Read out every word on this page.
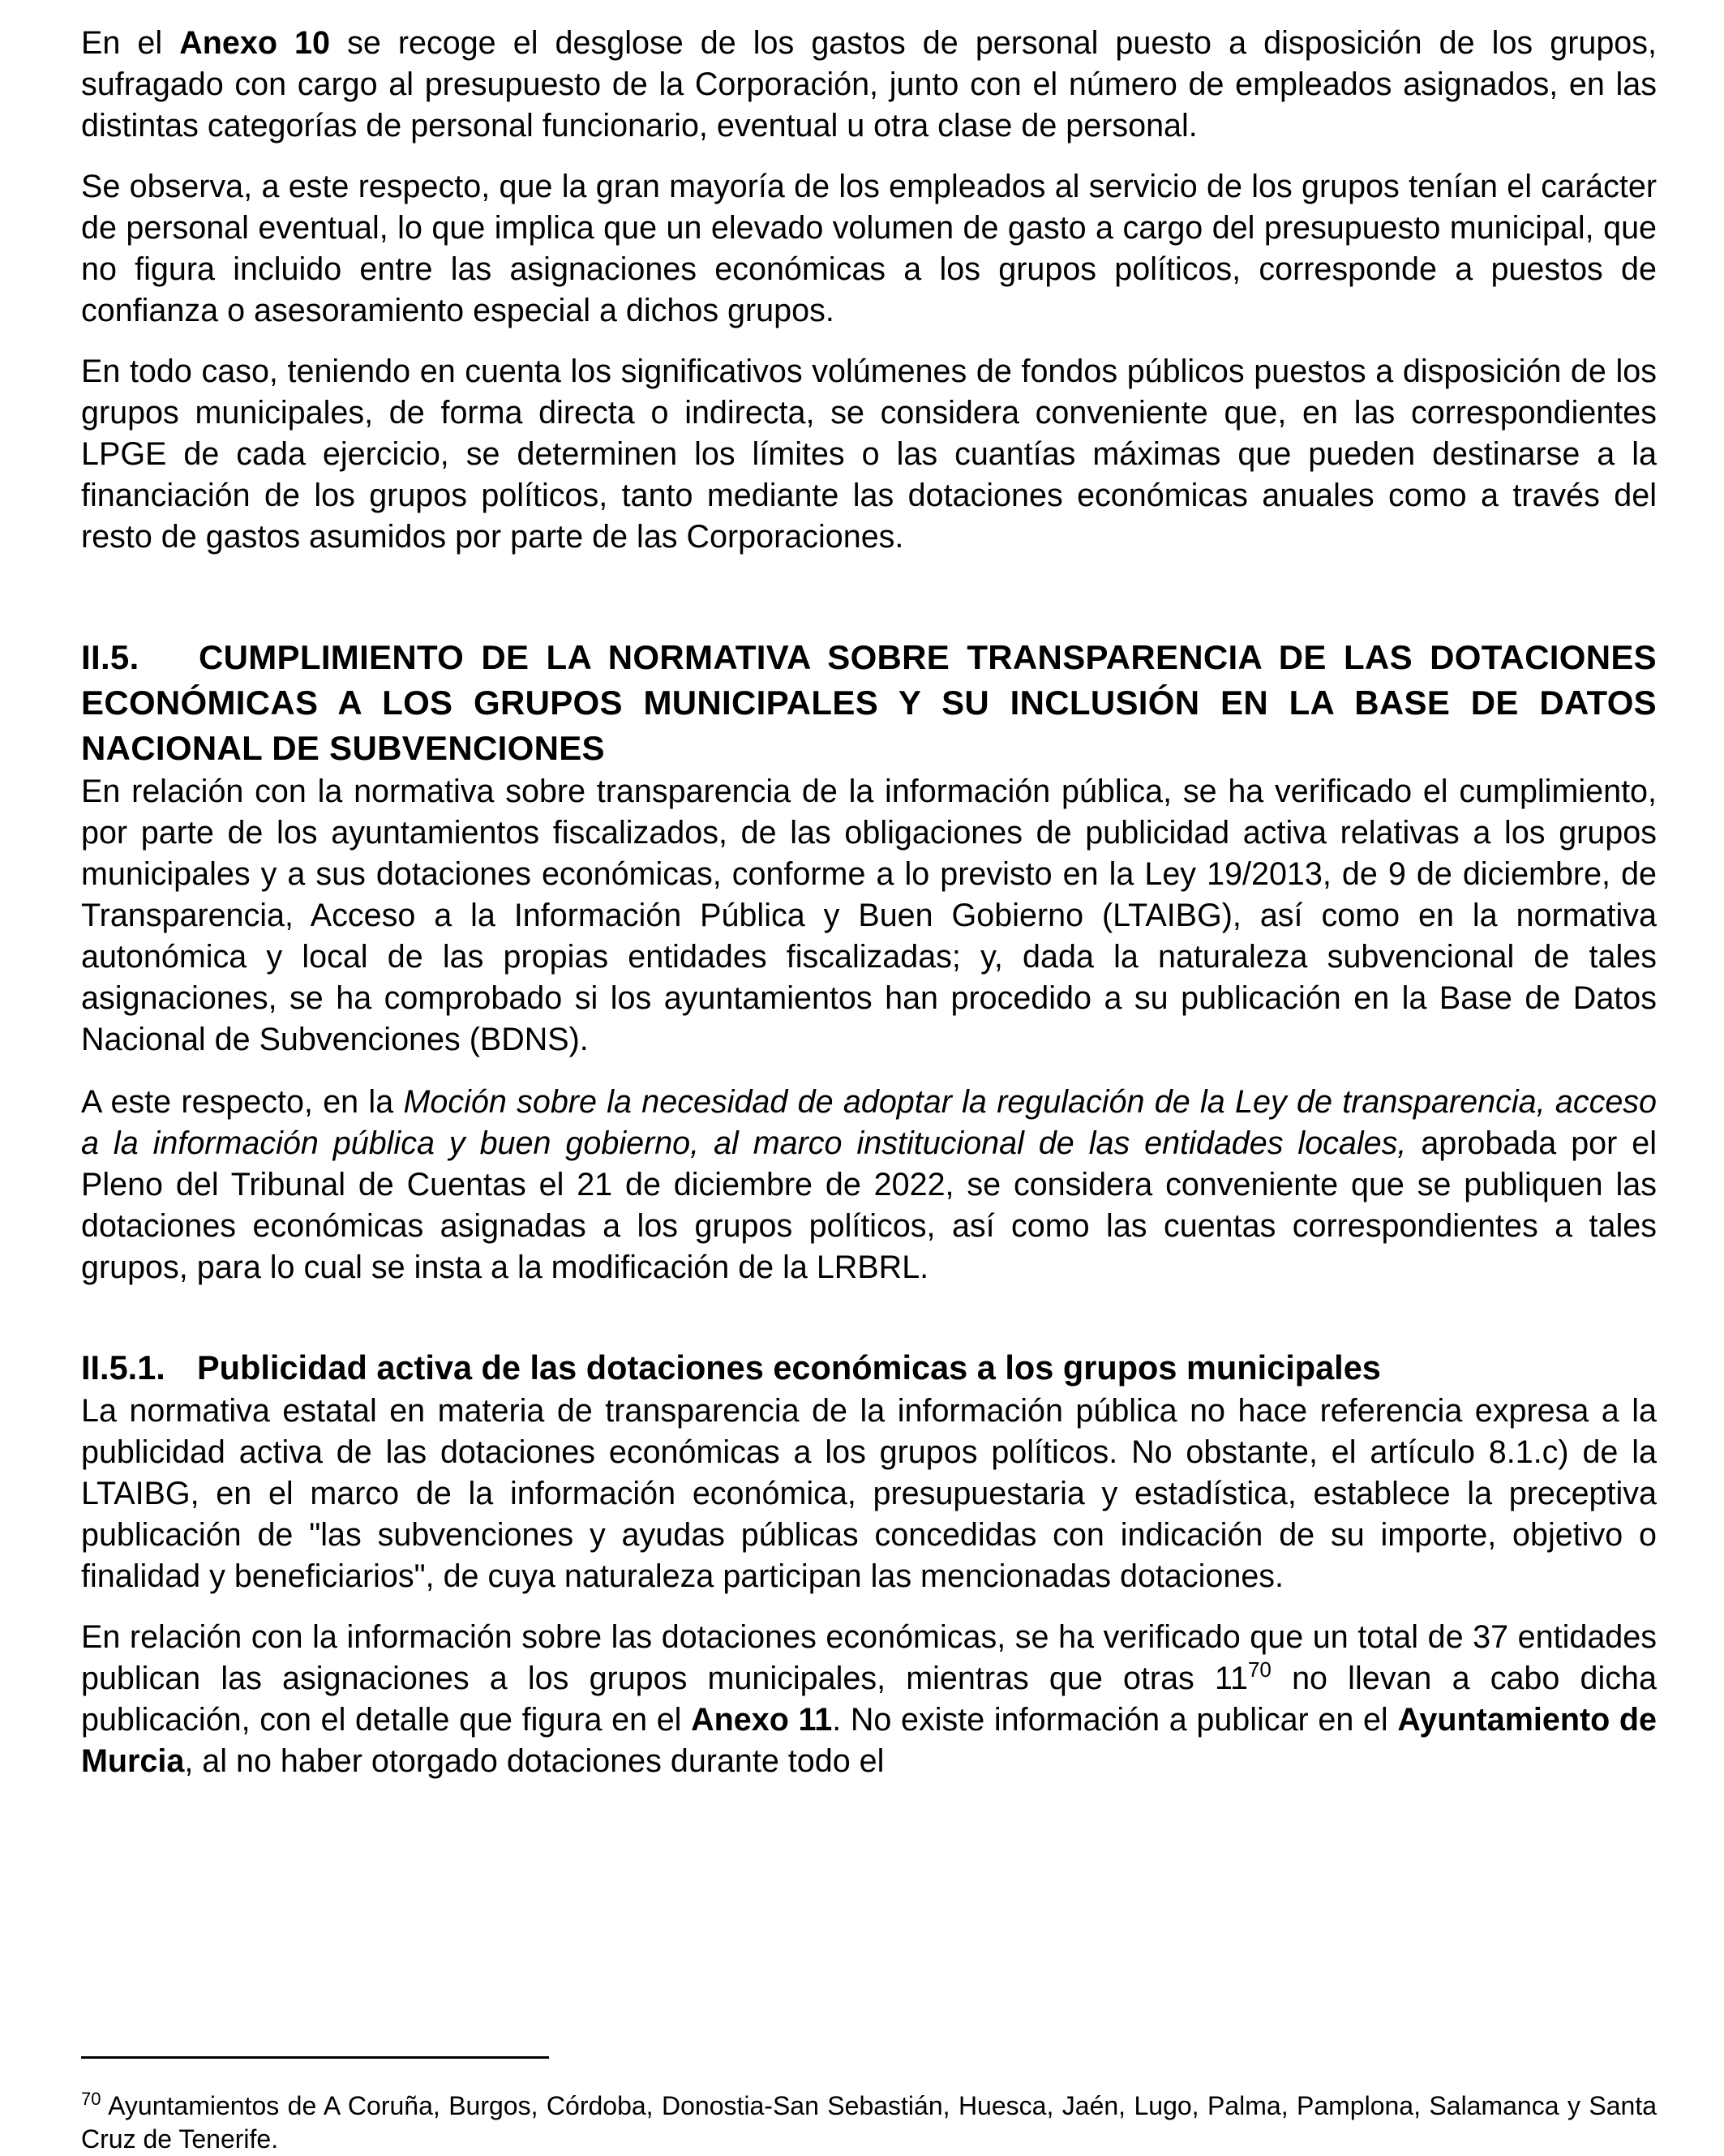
En el Anexo 10 se recoge el desglose de los gastos de personal puesto a disposición de los grupos, sufragado con cargo al presupuesto de la Corporación, junto con el número de empleados asignados, en las distintas categorías de personal funcionario, eventual u otra clase de personal.

Se observa, a este respecto, que la gran mayoría de los empleados al servicio de los grupos tenían el carácter de personal eventual, lo que implica que un elevado volumen de gasto a cargo del presupuesto municipal, que no figura incluido entre las asignaciones económicas a los grupos políticos, corresponde a puestos de confianza o asesoramiento especial a dichos grupos.

En todo caso, teniendo en cuenta los significativos volúmenes de fondos públicos puestos a disposición de los grupos municipales, de forma directa o indirecta, se considera conveniente que, en las correspondientes LPGE de cada ejercicio, se determinen los límites o las cuantías máximas que pueden destinarse a la financiación de los grupos políticos, tanto mediante las dotaciones económicas anuales como a través del resto de gastos asumidos por parte de las Corporaciones.

II.5. CUMPLIMIENTO DE LA NORMATIVA SOBRE TRANSPARENCIA DE LAS DOTACIONES ECONÓMICAS A LOS GRUPOS MUNICIPALES Y SU INCLUSIÓN EN LA BASE DE DATOS NACIONAL DE SUBVENCIONES

En relación con la normativa sobre transparencia de la información pública, se ha verificado el cumplimiento, por parte de los ayuntamientos fiscalizados, de las obligaciones de publicidad activa relativas a los grupos municipales y a sus dotaciones económicas, conforme a lo previsto en la Ley 19/2013, de 9 de diciembre, de Transparencia, Acceso a la Información Pública y Buen Gobierno (LTAIBG), así como en la normativa autonómica y local de las propias entidades fiscalizadas; y, dada la naturaleza subvencional de tales asignaciones, se ha comprobado si los ayuntamientos han procedido a su publicación en la Base de Datos Nacional de Subvenciones (BDNS).

A este respecto, en la Moción sobre la necesidad de adoptar la regulación de la Ley de transparencia, acceso a la información pública y buen gobierno, al marco institucional de las entidades locales, aprobada por el Pleno del Tribunal de Cuentas el 21 de diciembre de 2022, se considera conveniente que se publiquen las dotaciones económicas asignadas a los grupos políticos, así como las cuentas correspondientes a tales grupos, para lo cual se insta a la modificación de la LRBRL.

II.5.1. Publicidad activa de las dotaciones económicas a los grupos municipales

La normativa estatal en materia de transparencia de la información pública no hace referencia expresa a la publicidad activa de las dotaciones económicas a los grupos políticos. No obstante, el artículo 8.1.c) de la LTAIBG, en el marco de la información económica, presupuestaria y estadística, establece la preceptiva publicación de "las subvenciones y ayudas públicas concedidas con indicación de su importe, objetivo o finalidad y beneficiarios", de cuya naturaleza participan las mencionadas dotaciones.

En relación con la información sobre las dotaciones económicas, se ha verificado que un total de 37 entidades publican las asignaciones a los grupos municipales, mientras que otras $11^{70}$ no llevan a cabo dicha publicación, con el detalle que figura en el Anexo 11. No existe información a publicar en el Ayuntamiento de Murcia, al no haber otorgado dotaciones durante todo el

$^{70}$ Ayuntamientos de A Coruña, Burgos, Córdoba, Donostia-San Sebastián, Huesca, Jaén, Lugo, Palma, Pamplona, Salamanca y Santa Cruz de Tenerife.
